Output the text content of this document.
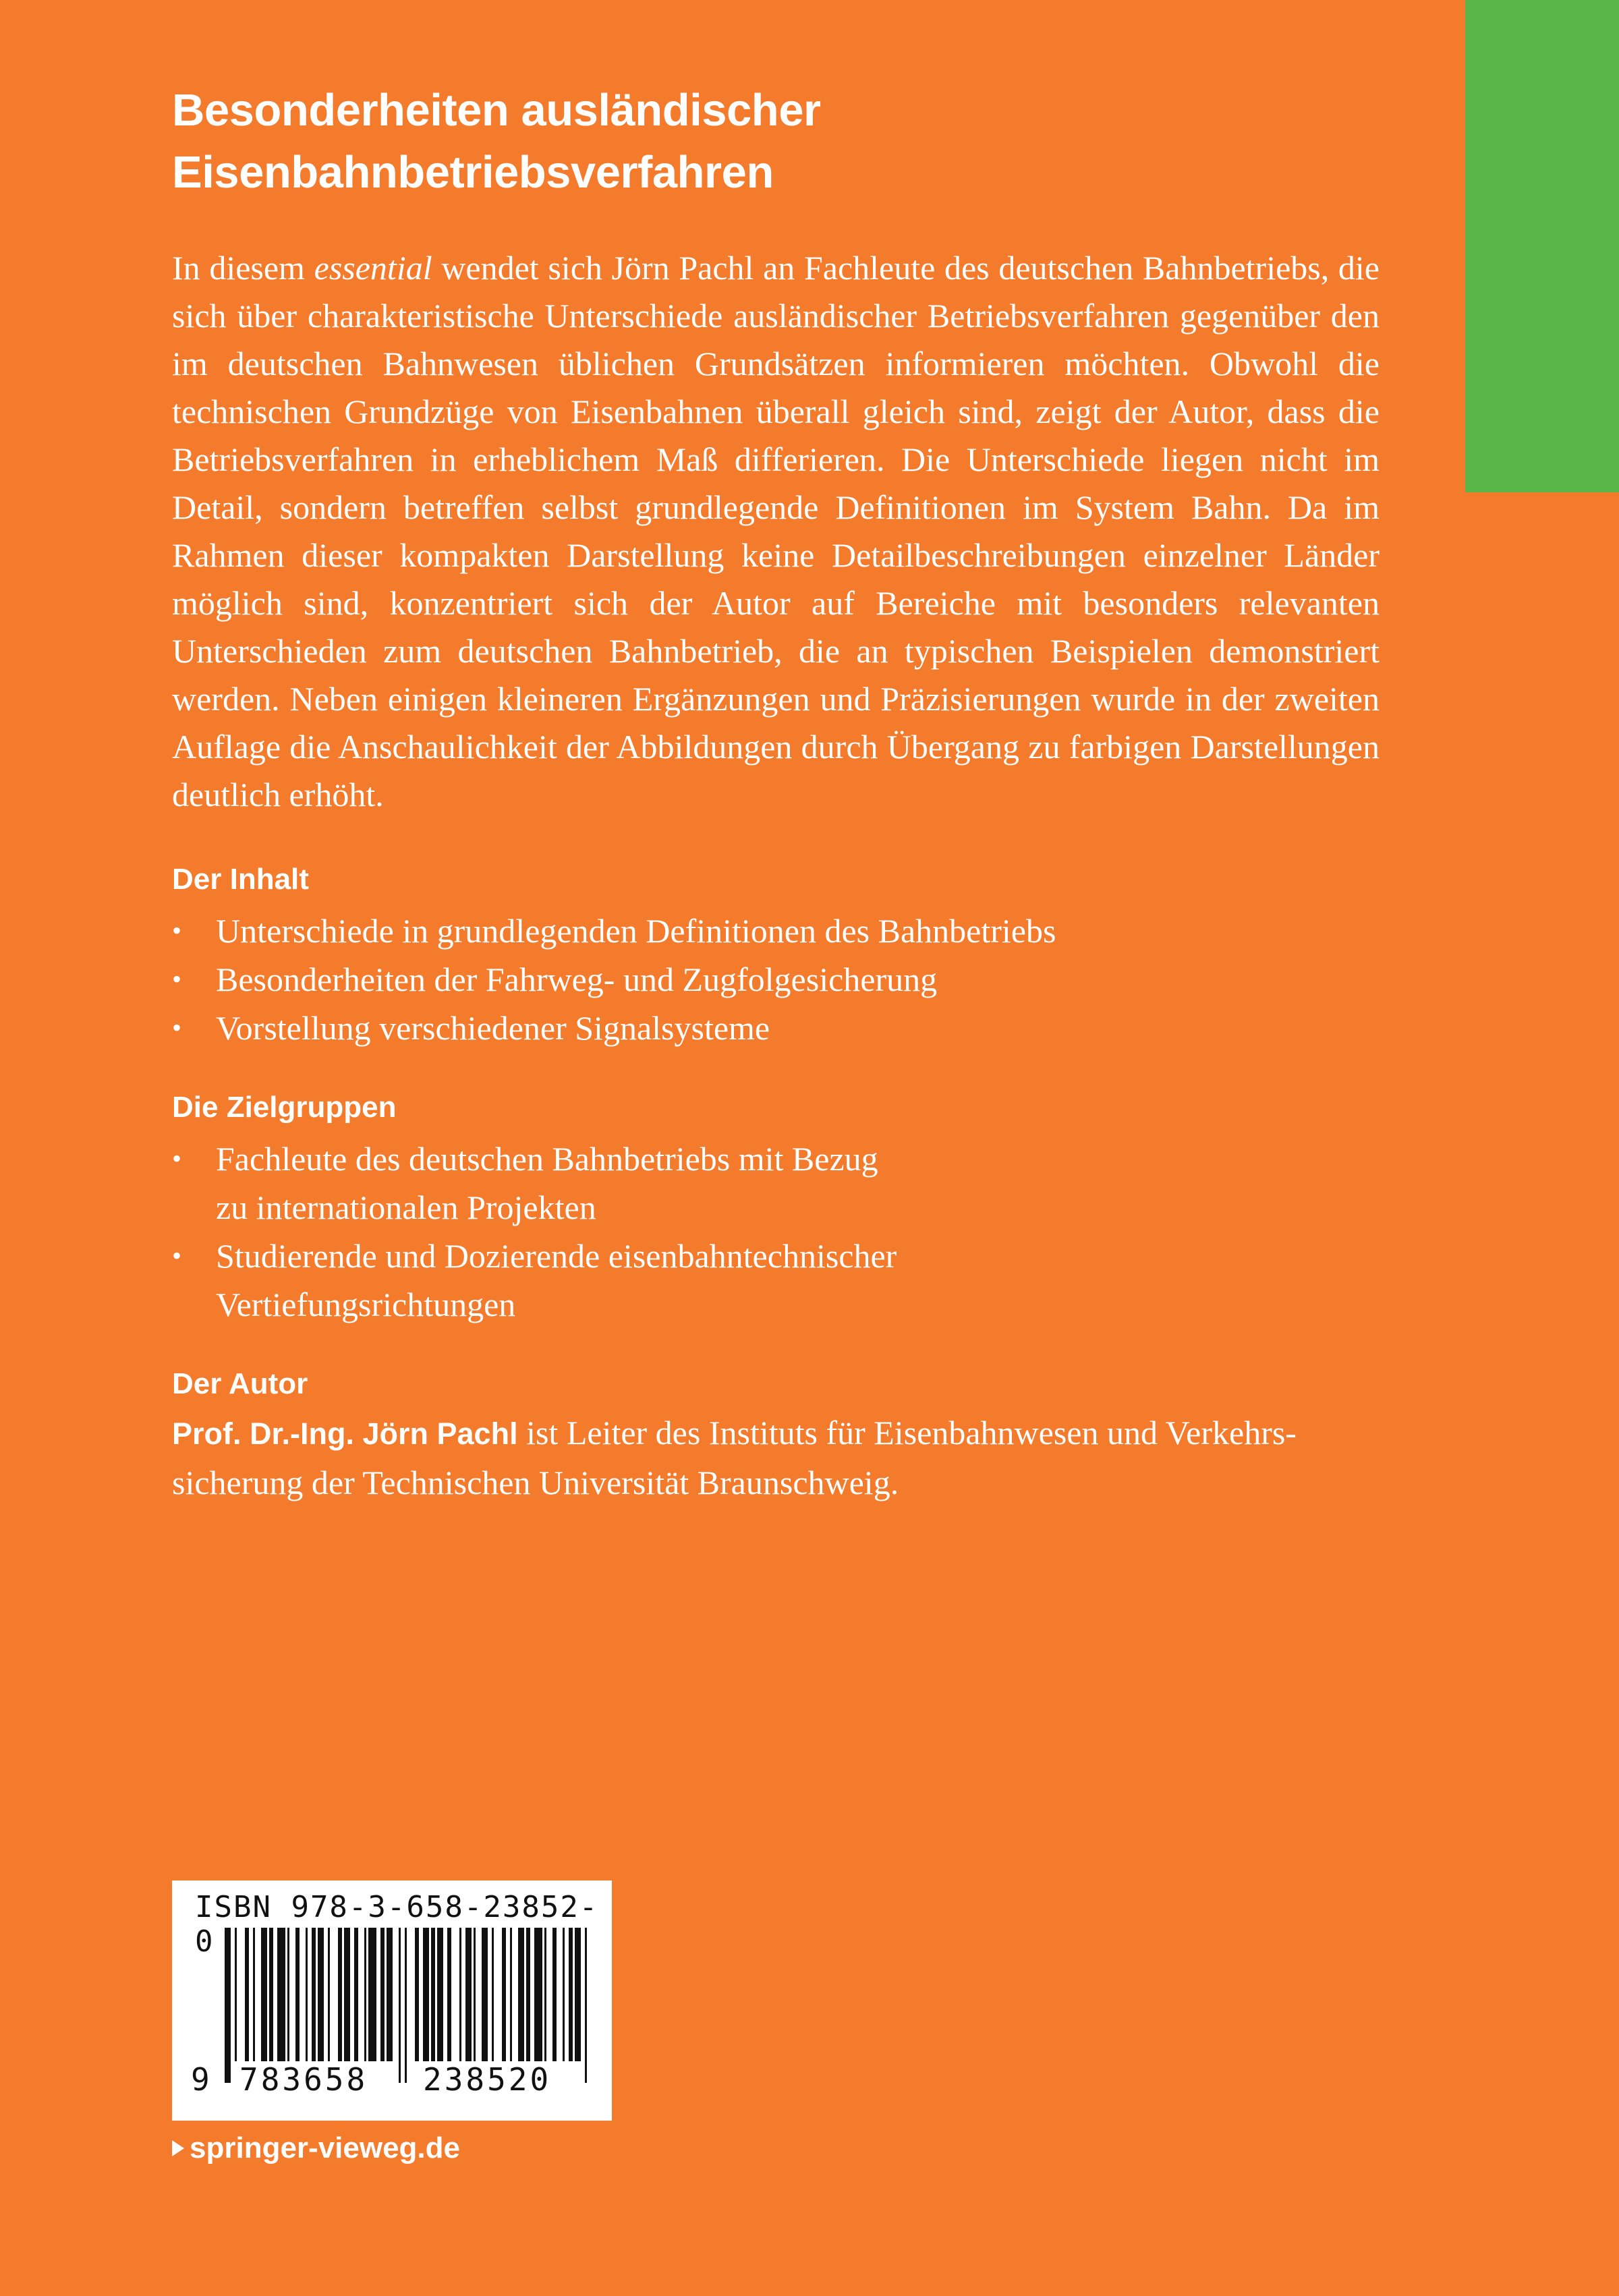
Besonderheiten ausländischer Eisenbahnbetriebsverfahren

In diesem essential wendet sich Jörn Pachl an Fachleute des deutschen Bahnbetriebs, die sich über charakteristische Unterschiede ausländischer Betriebsverfahren gegenüber den im deutschen Bahnwesen üblichen Grundsätzen informieren möchten. Obwohl die technischen Grundzüge von Eisenbahnen überall gleich sind, zeigt der Autor, dass die Betriebsverfahren in erheblichem Maß differieren. Die Unterschiede liegen nicht im Detail, sondern betreffen selbst grundlegende Definitionen im System Bahn. Da im Rahmen dieser kompakten Darstellung keine Detailbeschreibungen einzelner Länder möglich sind, konzentriert sich der Autor auf Bereiche mit besonders relevanten Unterschieden zum deutschen Bahnbetrieb, die an typischen Beispielen demonstriert werden. Neben einigen kleineren Ergänzungen und Präzisierungen wurde in der zweiten Auflage die Anschaulichkeit der Abbildungen durch Übergang zu farbigen Darstellungen deutlich erhöht.

Der Inhalt
• Unterschiede in grundlegenden Definitionen des Bahnbetriebs
• Besonderheiten der Fahrweg- und Zugfolgesicherung
• Vorstellung verschiedener Signalsysteme
Die Zielgruppen
• Fachleute des deutschen Bahnbetriebs mit Bezug
zu internationalen Projekten
• Studierende und Dozierende eisenbahntechnischer
Vertiefungsrichtungen
Der Autor

Prof. Dr.-Ing. Jörn Pachl ist Leiter des Instituts für Eisenbahnwesen und Verkehrs-
sicherung der Technischen Universität Braunschweig.

ISBN 978-3-658-23852-0
9 783658 238520
springer-vieweg.de
